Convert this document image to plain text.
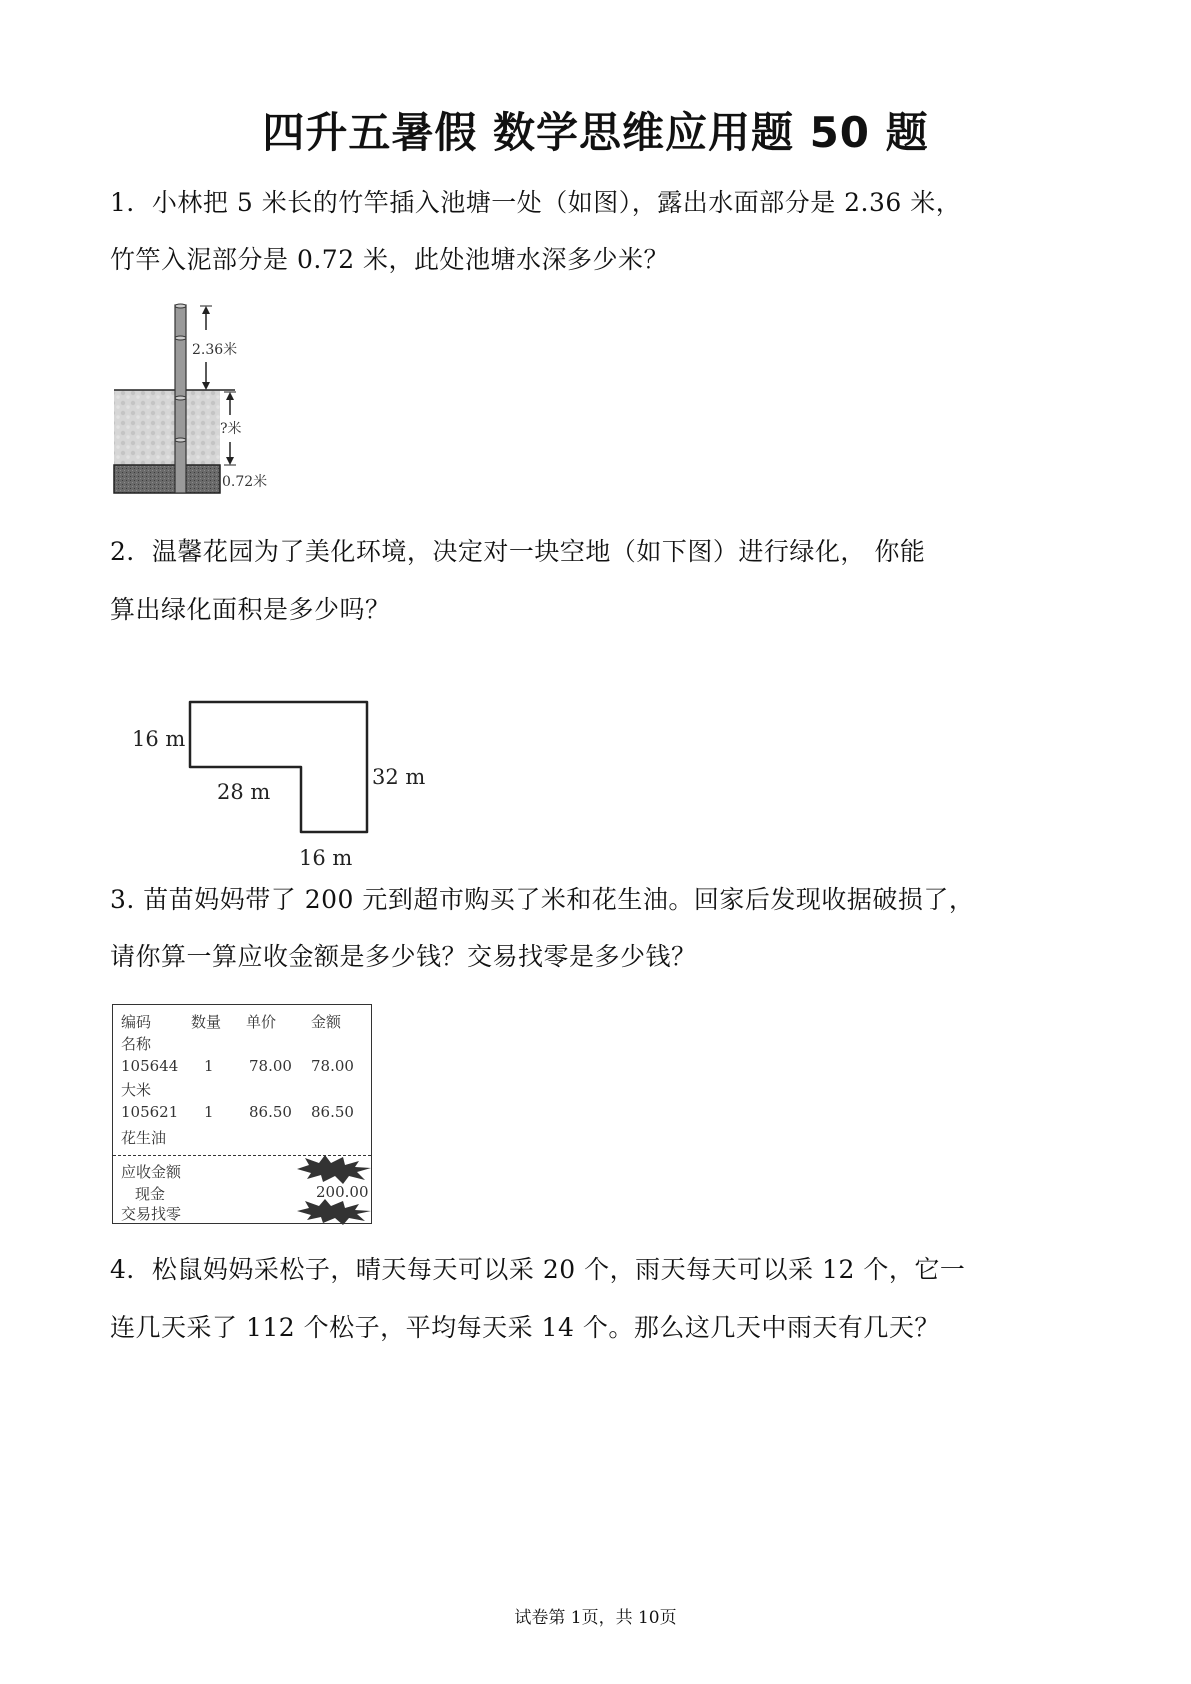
四升五暑假 数学思维应用题 50 题
1．小林把 5 米长的竹竿插入池塘一处（如图），露出水面部分是 2.36 米，
竹竿入泥部分是 0.72 米，此处池塘水深多少米？
2.36米
?米
0.72米
2．温馨花园为了美化环境，决定对一块空地（如下图）进行绿化， 你能
算出绿化面积是多少吗？
16 m
28 m
32 m
16 m
3. 苗苗妈妈带了 200 元到超市购买了米和花生油。回家后发现收据破损了，
请你算一算应收金额是多少钱？交易找零是多少钱？
编码	数量 单价 金额
名称
105644 1 78.00 78.00
大米
105621 1 86.50 86.50
花生油
应收金额
现金	200.00
交易找零
4．松鼠妈妈采松子，晴天每天可以采 20 个，雨天每天可以采 12 个，它一
连几天采了 112 个松子，平均每天采 14 个。那么这几天中雨天有几天？
试卷第 1页，共 10页
